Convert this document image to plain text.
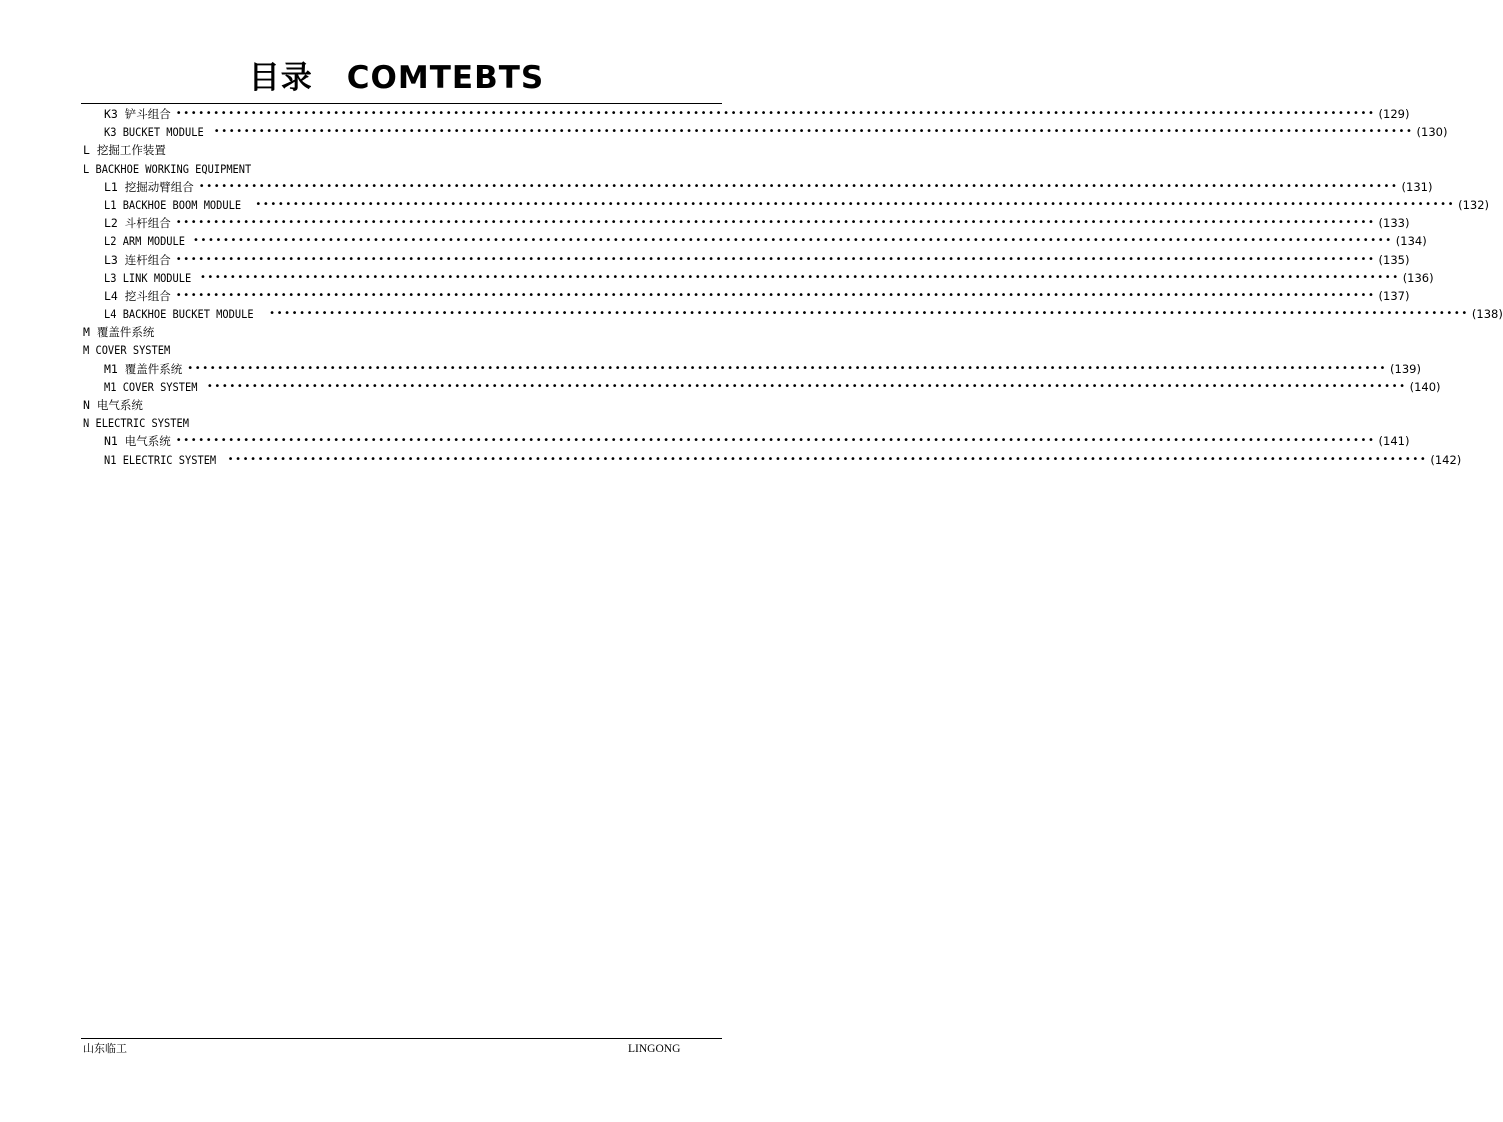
目录 COMTEBTS
K3 铲斗组合 •••••••••••••••••••••••••••••••••••••••••••••••••••••••••••••••••••••••••••••••••••••••••••••••••••••••••••••••••••••••••••••••••••••••••••••••••••••••••••••••• (129)
K3 BUCKET MODULE •••••••••••••••••••••••••••••••••••••••••••••••••••••••••••••••••••••••••••••••••••••••••••••••••••••••••••••••••••••••••••••••••••••••••••••••••••••••••••••••• (130)
L 挖掘工作装置
L BACKHOE WORKING EQUIPMENT
L1 挖掘动臂组合 •••••••••••••••••••••••••••••••••••••••••••••••••••••••••••••••••••••••••••••••••••••••••••••••••••••••••••••••••••••••••••••••••••••••••••••••••••••••••••••••• (131)
L1 BACKHOE BOOM MODULE •••••••••••••••••••••••••••••••••••••••••••••••••••••••••••••••••••••••••••••••••••••••••••••••••••••••••••••••••••••••••••••••••••••••••••••••••••••••••••••••• (132)
L2 斗杆组合 •••••••••••••••••••••••••••••••••••••••••••••••••••••••••••••••••••••••••••••••••••••••••••••••••••••••••••••••••••••••••••••••••••••••••••••••••••••••••••••••• (133)
L2 ARM MODULE •••••••••••••••••••••••••••••••••••••••••••••••••••••••••••••••••••••••••••••••••••••••••••••••••••••••••••••••••••••••••••••••••••••••••••••••••••••••••••••••• (134)
L3 连杆组合 •••••••••••••••••••••••••••••••••••••••••••••••••••••••••••••••••••••••••••••••••••••••••••••••••••••••••••••••••••••••••••••••••••••••••••••••••••••••••••••••• (135)
L3 LINK MODULE •••••••••••••••••••••••••••••••••••••••••••••••••••••••••••••••••••••••••••••••••••••••••••••••••••••••••••••••••••••••••••••••••••••••••••••••••••••••••••••••• (136)
L4 挖斗组合 •••••••••••••••••••••••••••••••••••••••••••••••••••••••••••••••••••••••••••••••••••••••••••••••••••••••••••••••••••••••••••••••••••••••••••••••••••••••••••••••• (137)
L4 BACKHOE BUCKET MODULE •••••••••••••••••••••••••••••••••••••••••••••••••••••••••••••••••••••••••••••••••••••••••••••••••••••••••••••••••••••••••••••••••••••••••••••••••••••••••••••••• (138)
M 覆盖件系统
M COVER SYSTEM
M1 覆盖件系统 •••••••••••••••••••••••••••••••••••••••••••••••••••••••••••••••••••••••••••••••••••••••••••••••••••••••••••••••••••••••••••••••••••••••••••••••••••••••••••••••• (139)
M1 COVER SYSTEM •••••••••••••••••••••••••••••••••••••••••••••••••••••••••••••••••••••••••••••••••••••••••••••••••••••••••••••••••••••••••••••••••••••••••••••••••••••••••••••••• (140)
N 电气系统
N ELECTRIC SYSTEM
N1 电气系统 •••••••••••••••••••••••••••••••••••••••••••••••••••••••••••••••••••••••••••••••••••••••••••••••••••••••••••••••••••••••••••••••••••••••••••••••••••••••••••••••• (141)
N1 ELECTRIC SYSTEM •••••••••••••••••••••••••••••••••••••••••••••••••••••••••••••••••••••••••••••••••••••••••••••••••••••••••••••••••••••••••••••••••••••••••••••••••••••••••••••••• (142)
山东临工	LINGONG
